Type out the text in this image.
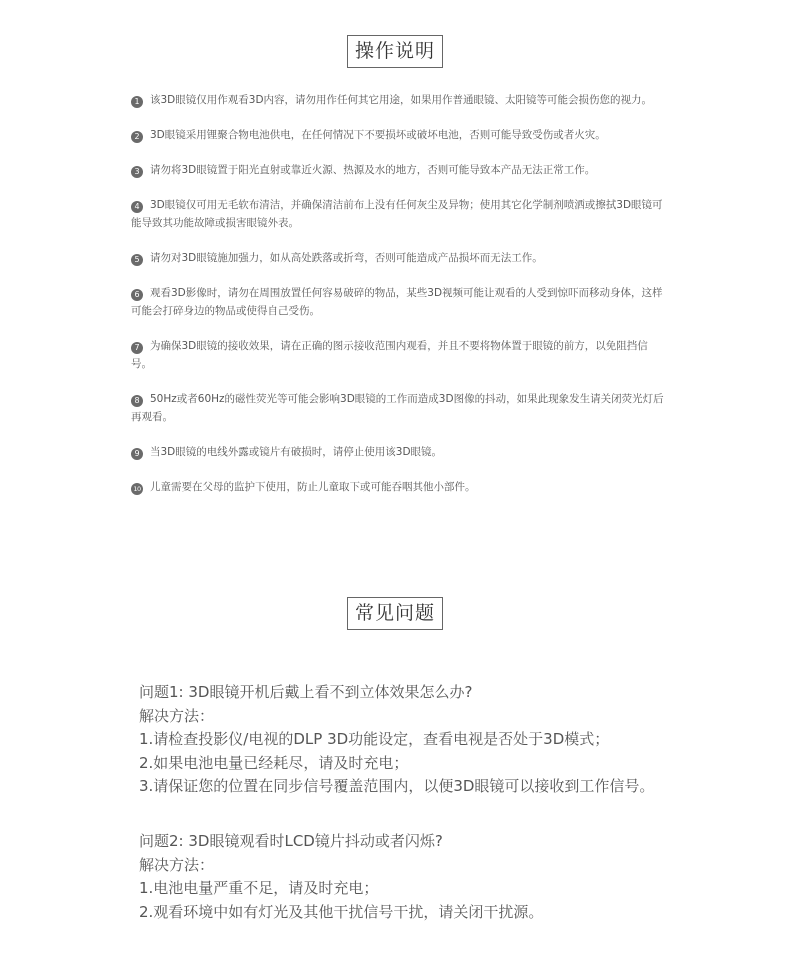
操作说明
1 该3D眼镜仅用作观看3D内容，请勿用作任何其它用途，如果用作普通眼镜、太阳镜等可能会损伤您的视力。
2 3D眼镜采用锂聚合物电池供电，在任何情况下不要损坏或破坏电池，否则可能导致受伤或者火灾。
3 请勿将3D眼镜置于阳光直射或靠近火源、热源及水的地方，否则可能导致本产品无法正常工作。
4 3D眼镜仅可用无毛软布清洁，并确保清洁前布上没有任何灰尘及异物；使用其它化学制剂喷洒或擦拭3D眼镜可能导致其功能故障或损害眼镜外表。
5 请勿对3D眼镜施加强力，如从高处跌落或折弯，否则可能造成产品损坏而无法工作。
6 观看3D影像时，请勿在周围放置任何容易破碎的物品，某些3D视频可能让观看的人受到惊吓而移动身体，这样可能会打碎身边的物品或使得自己受伤。
7 为确保3D眼镜的接收效果，请在正确的图示接收范围内观看，并且不要将物体置于眼镜的前方，以免阻挡信号。
8 50Hz或者60Hz的磁性荧光等可能会影响3D眼镜的工作而造成3D图像的抖动，如果此现象发生请关闭荧光灯后再观看。
9 当3D眼镜的电线外露或镜片有破损时，请停止使用该3D眼镜。
10 儿童需要在父母的监护下使用，防止儿童取下或可能吞咽其他小部件。
常见问题
问题1: 3D眼镜开机后戴上看不到立体效果怎么办?
解决方法：
1.请检查投影仪/电视的DLP 3D功能设定，查看电视是否处于3D模式；
2.如果电池电量已经耗尽，请及时充电；
3.请保证您的位置在同步信号覆盖范围内，以便3D眼镜可以接收到工作信号。
问题2: 3D眼镜观看时LCD镜片抖动或者闪烁?
解决方法：
1.电池电量严重不足，请及时充电；
2.观看环境中如有灯光及其他干扰信号干扰，请关闭干扰源。
